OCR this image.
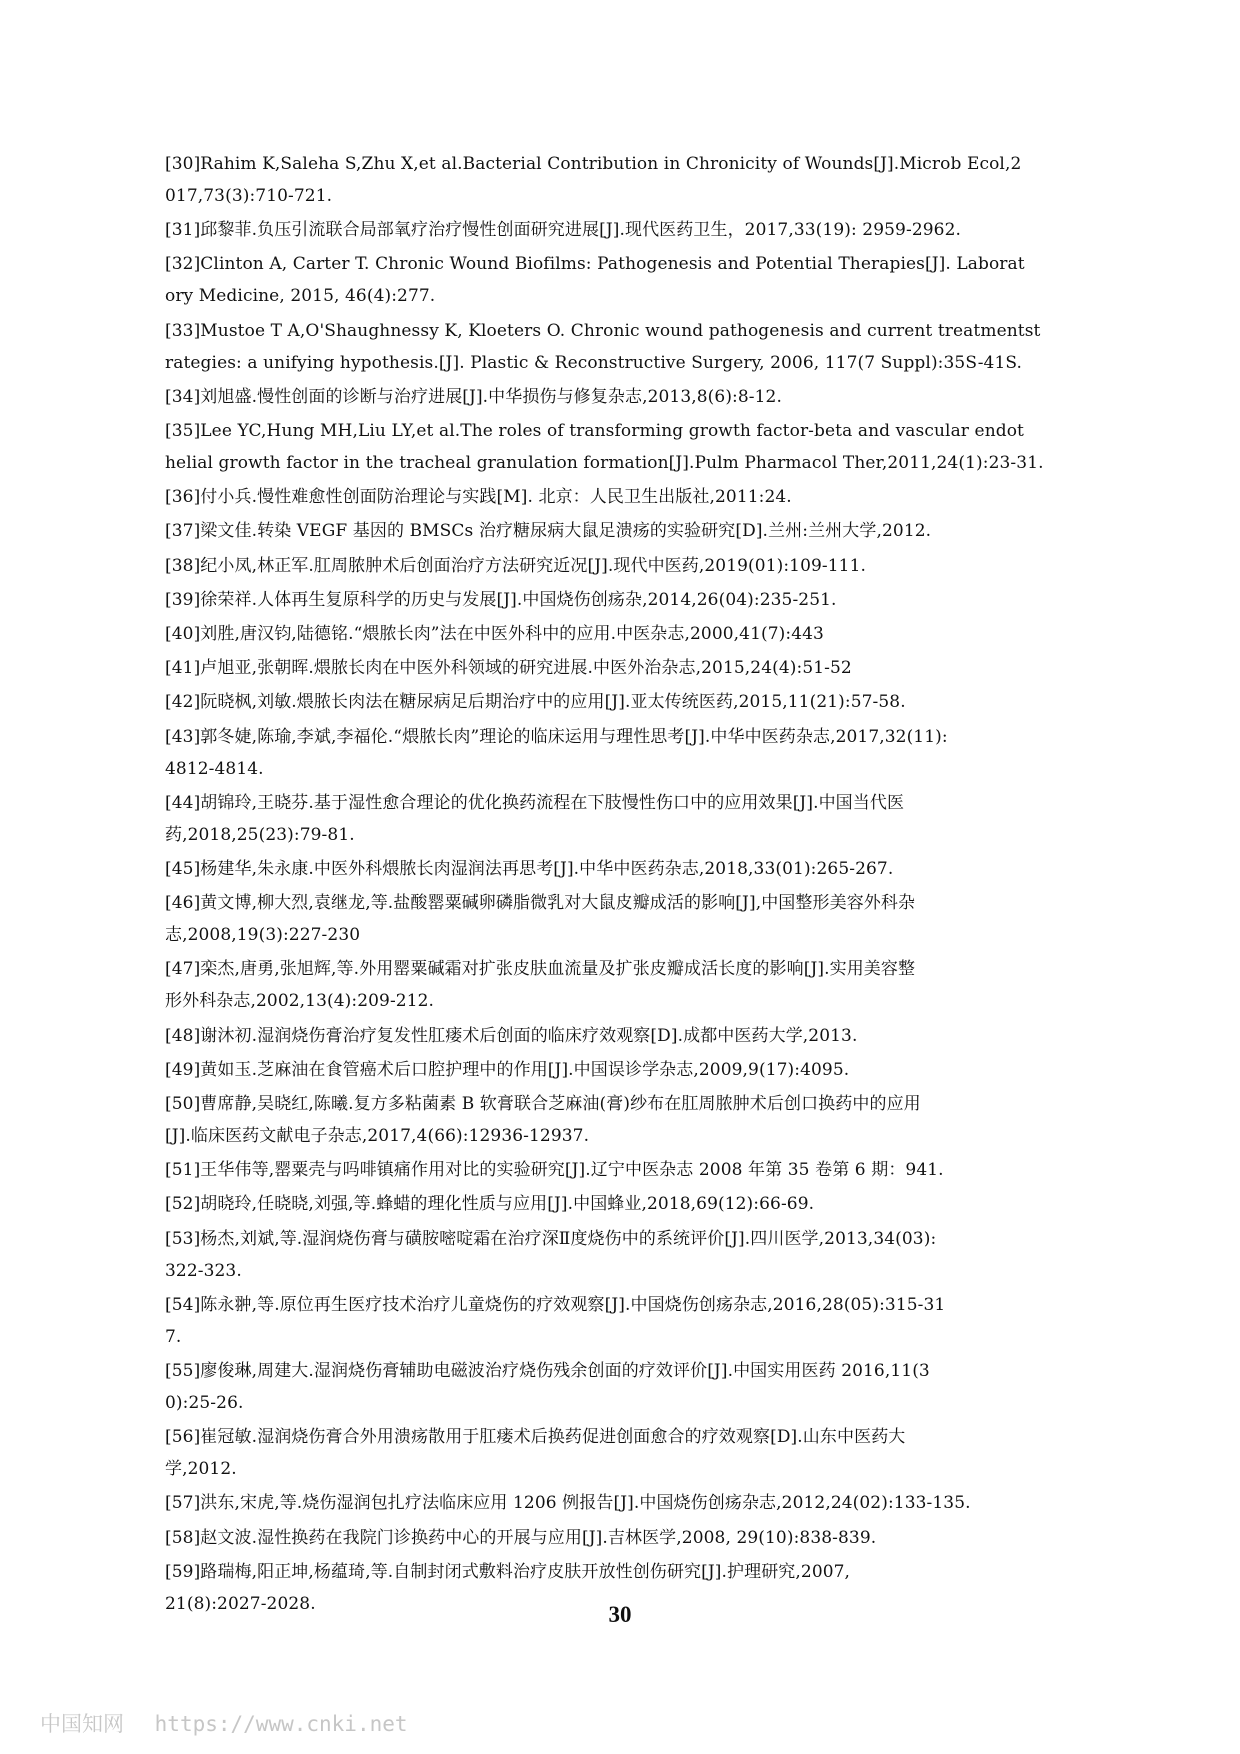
[30]Rahim K,Saleha S,Zhu X,et al.Bacterial Contribution in Chronicity of Wounds[J].Microb Ecol,2
017,73(3):710-721.
[31]邱黎菲.负压引流联合局部氧疗治疗慢性创面研究进展[J].现代医药卫生，2017,33(19): 2959-2962.
[32]Clinton A, Carter T. Chronic Wound Biofilms: Pathogenesis and Potential Therapies[J]. Laborat
ory Medicine, 2015, 46(4):277.
[33]Mustoe T A,O'Shaughnessy K, Kloeters O. Chronic wound pathogenesis and current treatmentst
rategies: a unifying hypothesis.[J]. Plastic & Reconstructive Surgery, 2006, 117(7 Suppl):35S-41S.
[34]刘旭盛.慢性创面的诊断与治疗进展[J].中华损伤与修复杂志,2013,8(6):8-12.
[35]Lee YC,Hung MH,Liu LY,et al.The roles of transforming growth factor-beta and vascular endot
helial growth factor in the tracheal granulation formation[J].Pulm Pharmacol Ther,2011,24(1):23-31.
[36]付小兵.慢性难愈性创面防治理论与实践[M]. 北京：人民卫生出版社,2011:24.
[37]梁文佳.转染 VEGF 基因的 BMSCs 治疗糖尿病大鼠足溃疡的实验研究[D].兰州:兰州大学,2012.
[38]纪小凤,林正军.肛周脓肿术后创面治疗方法研究近况[J].现代中医药,2019(01):109-111.
[39]徐荣祥.人体再生复原科学的历史与发展[J].中国烧伤创疡杂,2014,26(04):235-251.
[40]刘胜,唐汉钧,陆德铭.“煨脓长肉”法在中医外科中的应用.中医杂志,2000,41(7):443
[41]卢旭亚,张朝晖.煨脓长肉在中医外科领域的研究进展.中医外治杂志,2015,24(4):51-52
[42]阮晓枫,刘敏.煨脓长肉法在糖尿病足后期治疗中的应用[J].亚太传统医药,2015,11(21):57-58.
[43]郭冬婕,陈瑜,李斌,李福伦.“煨脓长肉”理论的临床运用与理性思考[J].中华中医药杂志,2017,32(11):
4812-4814.
[44]胡锦玲,王晓芬.基于湿性愈合理论的优化换药流程在下肢慢性伤口中的应用效果[J].中国当代医
药,2018,25(23):79-81.
[45]杨建华,朱永康.中医外科煨脓长肉湿润法再思考[J].中华中医药杂志,2018,33(01):265-267.
[46]黄文博,柳大烈,袁继龙,等.盐酸罂粟碱卵磷脂微乳对大鼠皮瓣成活的影响[J],中国整形美容外科杂
志,2008,19(3):227-230
[47]栾杰,唐勇,张旭辉,等.外用罂粟碱霜对扩张皮肤血流量及扩张皮瓣成活长度的影响[J].实用美容整
形外科杂志,2002,13(4):209-212.
[48]谢沐初.湿润烧伤膏治疗复发性肛瘘术后创面的临床疗效观察[D].成都中医药大学,2013.
[49]黄如玉.芝麻油在食管癌术后口腔护理中的作用[J].中国误诊学杂志,2009,9(17):4095.
[50]曹席静,吴晓红,陈曦.复方多粘菌素 B 软膏联合芝麻油(膏)纱布在肛周脓肿术后创口换药中的应用
[J].临床医药文献电子杂志,2017,4(66):12936-12937.
[51]王华伟等,罂粟壳与吗啡镇痛作用对比的实验研究[J].辽宁中医杂志 2008 年第 35 卷第 6 期：941.
[52]胡晓玲,任晓晓,刘强,等.蜂蜡的理化性质与应用[J].中国蜂业,2018,69(12):66-69.
[53]杨杰,刘斌,等.湿润烧伤膏与磺胺嘧啶霜在治疗深Ⅱ度烧伤中的系统评价[J].四川医学,2013,34(03):
322-323.
[54]陈永翀,等.原位再生医疗技术治疗儿童烧伤的疗效观察[J].中国烧伤创疡杂志,2016,28(05):315-31
7.
[55]廖俊琳,周建大.湿润烧伤膏辅助电磁波治疗烧伤残余创面的疗效评价[J].中国实用医药 2016,11(3
0):25-26.
[56]崔冠敏.湿润烧伤膏合外用溃疡散用于肛瘘术后换药促进创面愈合的疗效观察[D].山东中医药大
学,2012.
[57]洪东,宋虎,等.烧伤湿润包扎疗法临床应用 1206 例报告[J].中国烧伤创疡杂志,2012,24(02):133-135.
[58]赵文波.湿性换药在我院门诊换药中心的开展与应用[J].吉林医学,2008, 29(10):838-839.
[59]路瑞梅,阳正坤,杨蕴琦,等.自制封闭式敷料治疗皮肤开放性创伤研究[J].护理研究,2007,
21(8):2027-2028.	30
中国知网 https://www.cnki.net
